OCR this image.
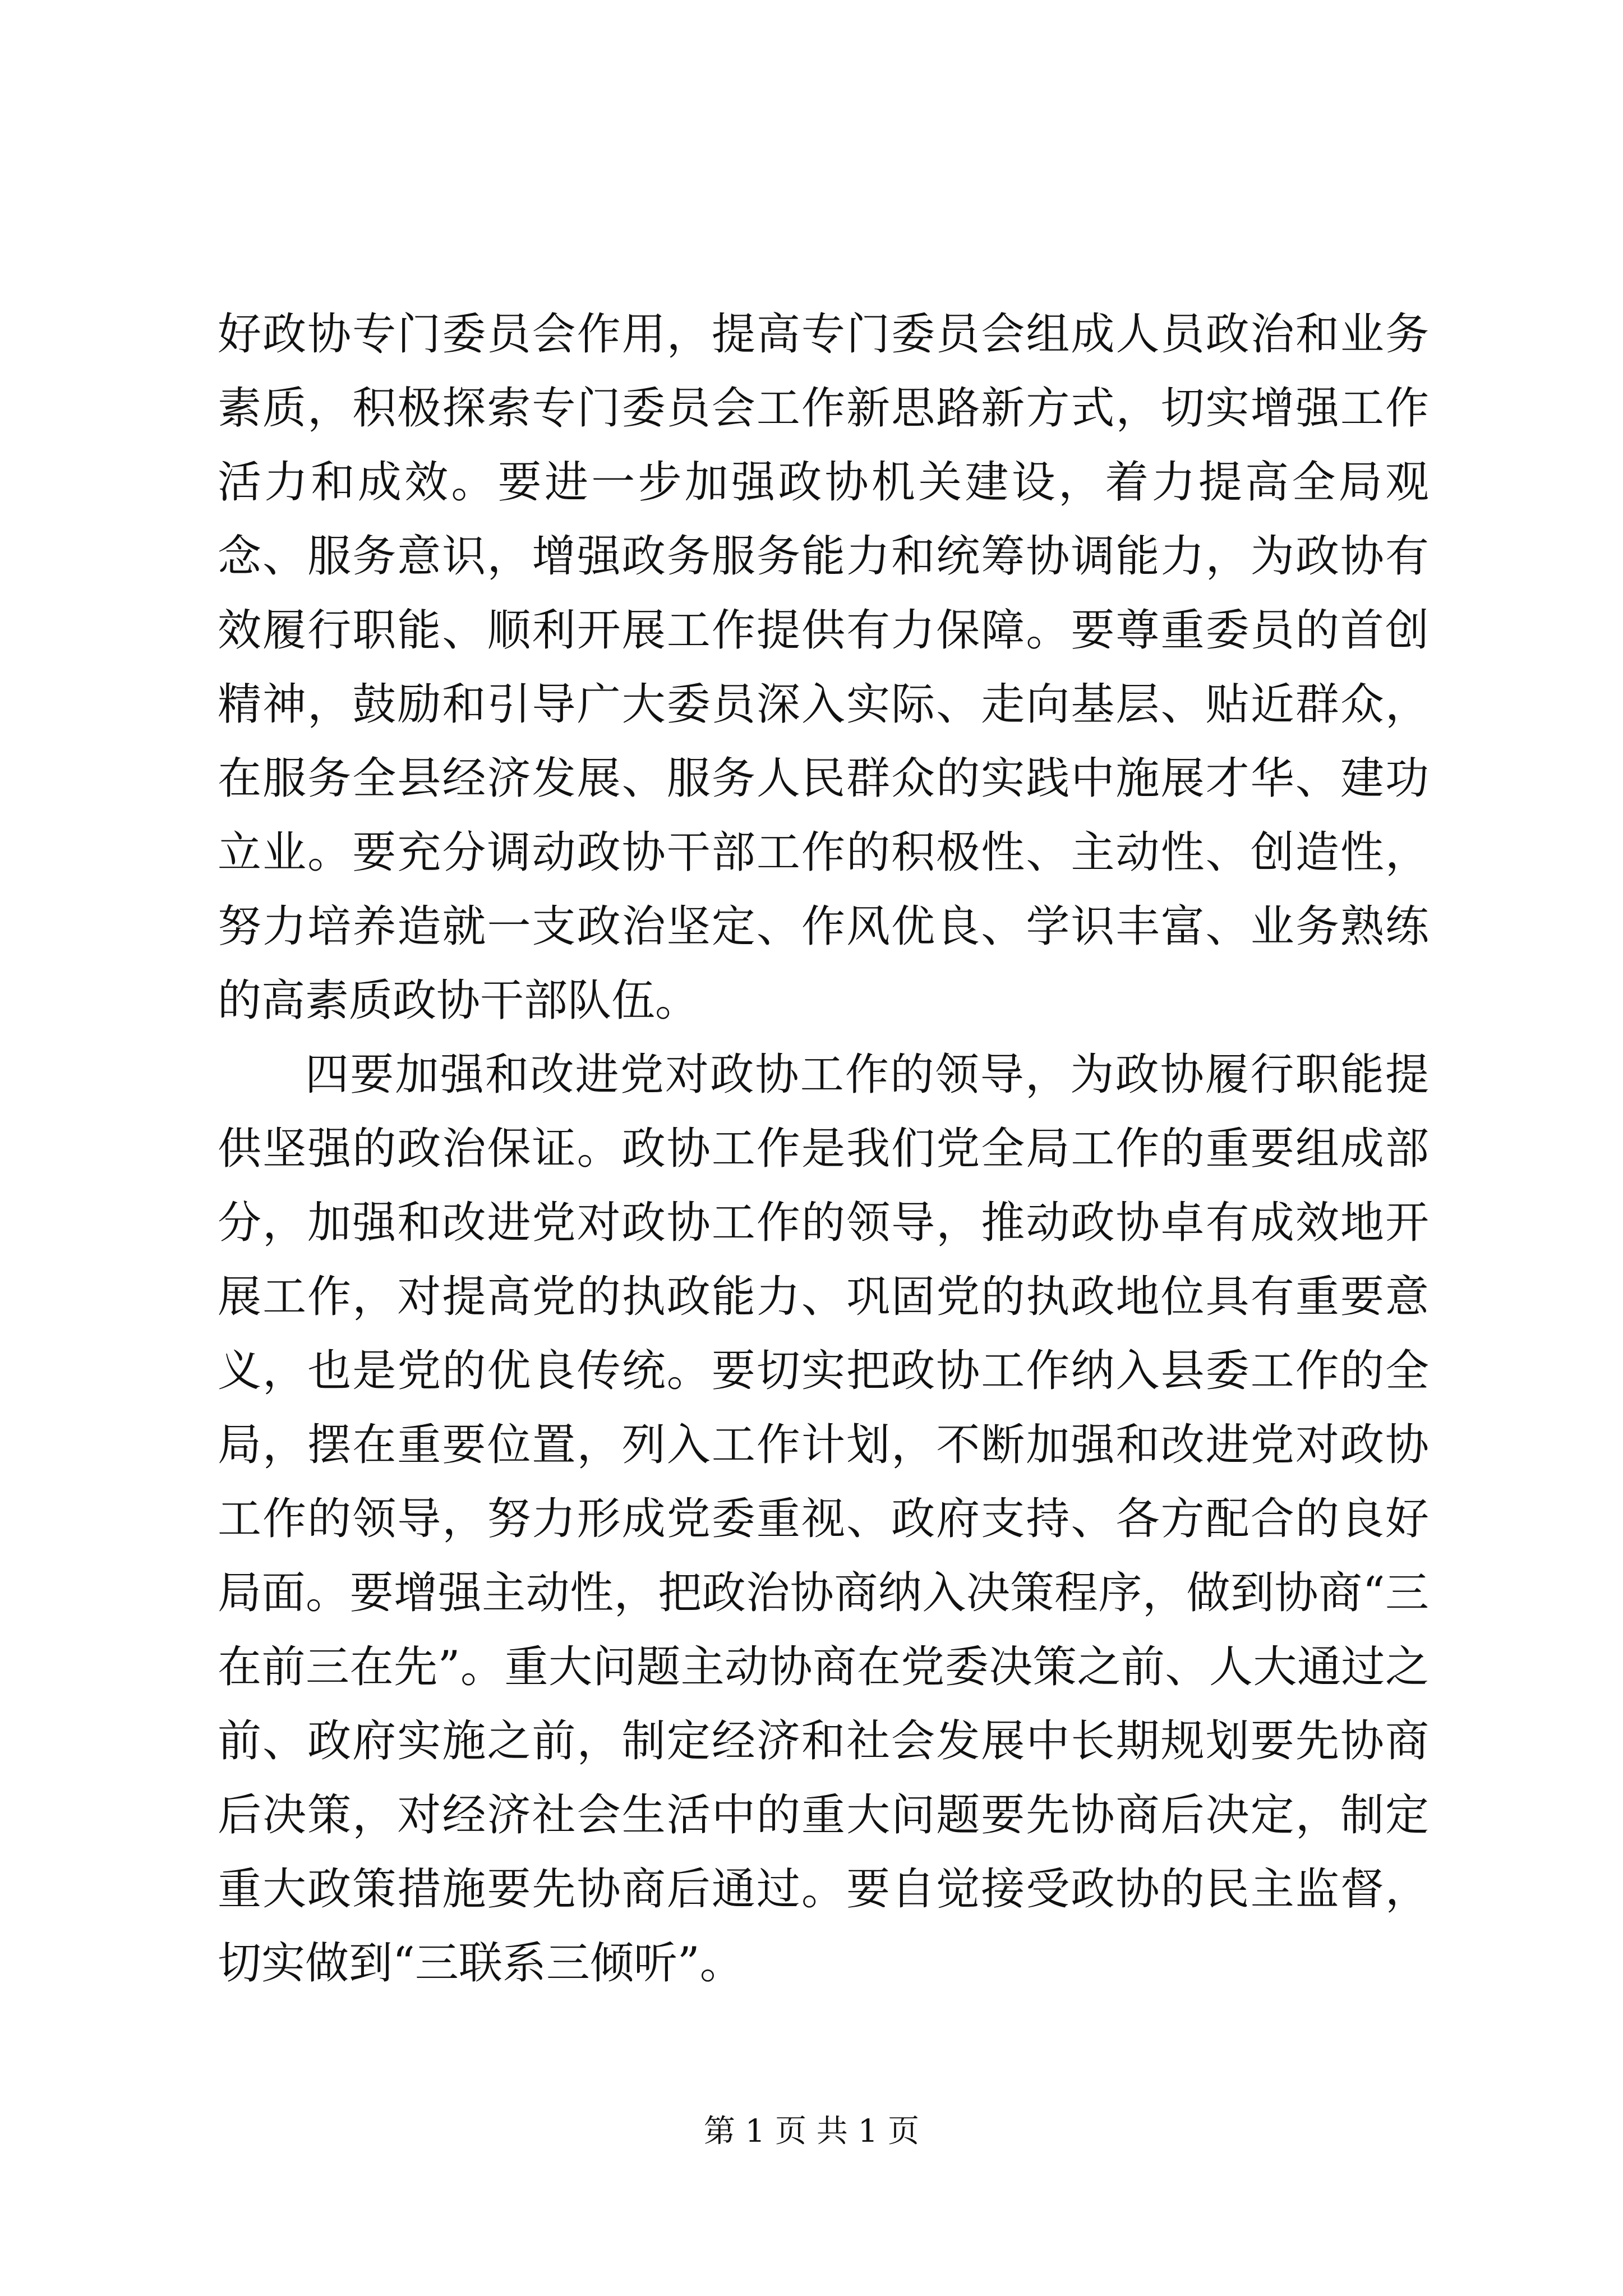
好政协专门委员会作用，提高专门委员会组成人员政治和业务素质，积极探索专门委员会工作新思路新方式，切实增强工作活力和成效。要进一步加强政协机关建设，着力提高全局观念、服务意识，增强政务服务能力和统筹协调能力，为政协有效履行职能、顺利开展工作提供有力保障。要尊重委员的首创精神，鼓励和引导广大委员深入实际、走向基层、贴近群众，在服务全县经济发展、服务人民群众的实践中施展才华、建功立业。要充分调动政协干部工作的积极性、主动性、创造性，努力培养造就一支政治坚定、作风优良、学识丰富、业务熟练的高素质政协干部队伍。

四要加强和改进党对政协工作的领导，为政协履行职能提供坚强的政治保证。政协工作是我们党全局工作的重要组成部分，加强和改进党对政协工作的领导，推动政协卓有成效地开展工作，对提高党的执政能力、巩固党的执政地位具有重要意义，也是党的优良传统。要切实把政协工作纳入县委工作的全局，摆在重要位置，列入工作计划，不断加强和改进党对政协工作的领导，努力形成党委重视、政府支持、各方配合的良好局面。要增强主动性，把政治协商纳入决策程序，做到协商“三在前三在先”。重大问题主动协商在党委决策之前、人大通过之前、政府实施之前，制定经济和社会发展中长期规划要先协商后决策，对经济社会生活中的重大问题要先协商后决定，制定重大政策措施要先协商后通过。要自觉接受政协的民主监督，切实做到“三联系三倾听”。

第 1 页 共 1 页
